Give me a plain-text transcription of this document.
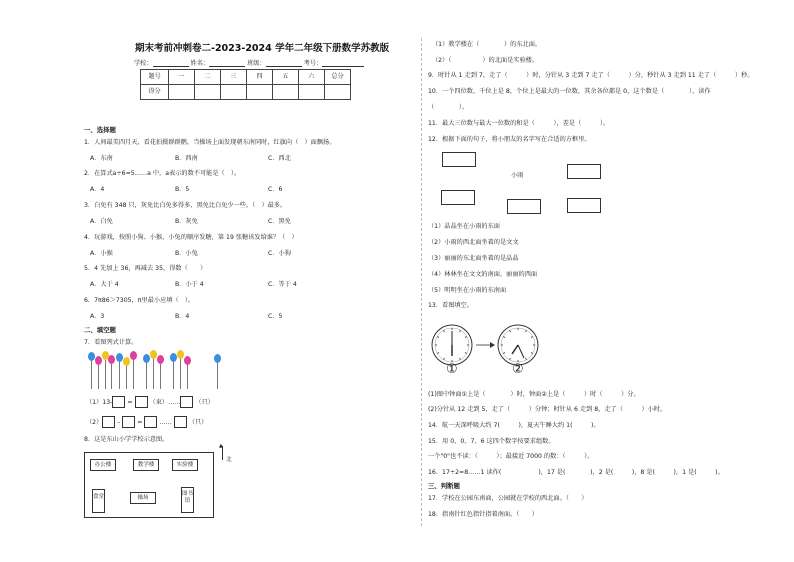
期末考前冲刺卷二-2023-2024 学年二年级下册数学苏教版
学校：	姓名：	班级：	考号：
题号	一	二	三	四	五	六	总分
得分							
一、选择题
1．人间最美四月天，看花拍摄群群鹅，当操场上面发现朝东南同时，红旗向（　）面飘扬。
A．东南	B．西南	C．西北
2．在算式a÷6=5……a 中，a表示的数不可能是（　）。
A．4	B．5	C．6
3．白免有 348 只，灰免比白免多得多，黑免比白免少一些。（　）最多。
A．白免	B．灰免	C．黑免
4．玩游戏，按照小狗、小猴、小兔的顺序发糖，第 19 张糖该发给谁？（　）
A．小猴	B．小兔	C．小狗
5．4 先加上 36，再减去 35，得数（　　）
A．大于 4	B．小于 4	C．等于 4
6．7π86＞7305，π里最小应填（　）。
A．3	B．4	C．5
二、填空题
7．看图列式计算。
（1）13- =  （束）…… （只）
（2） –  =  ……  （只）
8．这是东山小学学校示意图。
办公楼	教学楼	实验楼
食堂	操场
图书馆
▲
北
（1）教学楼在（　　　　）的东北面。
（2）（　　　　　）的北面是实验楼。
9．时针从 1 走到 7，走了（　　　）时，分针从 3 走到 7 走了（　　　）分，秒针从 3 走到 11 走了（　　　）秒。
10．一个四位数，千位上是 8，个位上是最大的一位数，其余各位都是 0，这个数是（　　　　），读作
（　　　　）。
11．最大三位数与最大一位数的和是（　　　），差是（　　　）。
12．根据下面的句子，将小朋友的名字写在合适的方框里。
小雨
（1）晶晶坐在小雨的东面
（2）小雨的西北面坐着的是文文
（3）丽丽的东北面坐着的是晶晶
（4）林林坐在文文的南面，丽丽的西面
（5）明明坐在小雨的东南面
13．看图填空。
①	②
(1)图中钟面①上是（　　　　）时，钟面②上是（　　　）时（　　　）分。
(2)分针从 12 走到 5，走了（　　　）分钟；时针从 6 走到 8，走了（　　　）小时。
14．航一天深呼吸大约 7(　　　)，夏天午睡大约 1(　　　)。
15．用 0、0、7、6 这四个数字按要求组数。
一个"0"也不读：（　　　）；最接近 7000 的数：（　　　）。
16．17÷2=8……1 读作(　　　　　　)，17 是(　　　　)，2 是(　　　)，8 是(　　　)，1 是(　　　)。
三、判断题
17．学校在公园东南面，公园就在学校的西北面。（　　）
18．指南针红色指针指着南面。（　　）
